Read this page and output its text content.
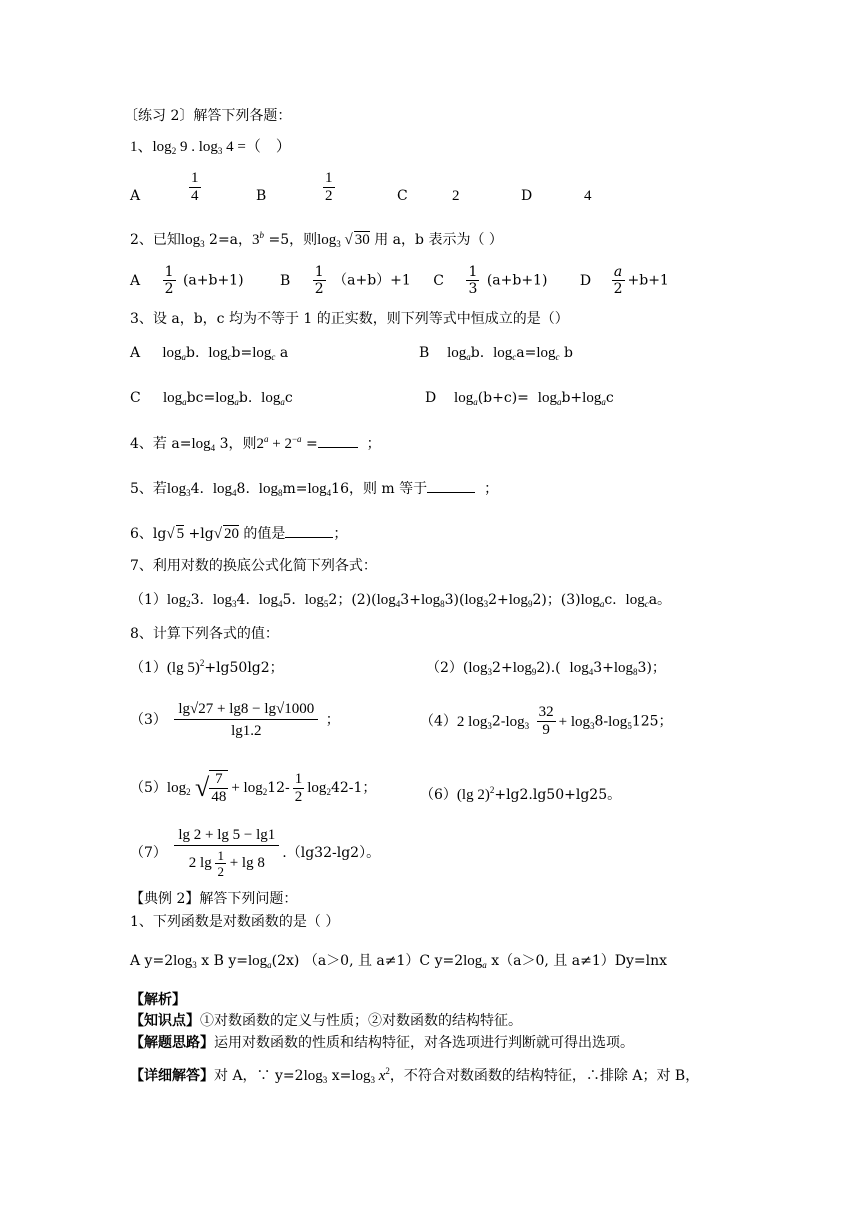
〔练习 2〕解答下列各题：
1、$\log_2 9$ . $\log_3 4$ =（　）
A	$\frac{1}{4}$	B	$\frac{1}{2}$	C	2	D	4
2、已知$\log_3 2=a$，$3^b =5$，则$\log_3$ √ 30 用 a，b 表示为（ ）
A $\frac{1}{2} (a+b+1)$	B $\frac{1}{2} (a+b)+1$ C $\frac{1}{3} (a+b+1)$ D $\frac{a}{2} +b+1$
3、设 a，b，c 均为不等于 1 的正实数，则下列等式中恒成立的是（）
A     $\log_ab$.  $\log_cb=\log_c$ a	B    $\log_ab$.  $\log_ca=\log_c$ b
C     $\log_abc=\log_ab$.  $\log_ac$	D    $\log_a(b+c)= \log_ab+\log_ac$
4、若 $a=\log_4$ 3，则$2^a + 2^{-a}$ =	；
5、若$\log_34$.  $\log_48$.  $\log_8m=\log_416$，则 m 等于	；
6、lg√ 5 +lg√ 20 的值是	；
7、利用对数的换底公式化简下列各式：
$(1)\log_23$.  $\log_34$.  $\log_45$.  $\log_52$；$(2)(\log_43+\log_83)(\log_32+\log_92)$；$(3)\log_ac$.  $\log_ca$。
8、计算下列各式的值：
（1）(lg 5)$^2$+lg50lg2；	$(2)(\log_32+\log_92)$.(  $\log_43+\log_83$)；
$(3) \frac{\lg√27 + \lg 8 - \lg√1000}{\lg 1.2}$ ；	（4）2 $\log_32-\log_3 \frac{32}{9} + \log_38-\log_5125$；
$(5)\log_2$ √ $\frac{7}{48} + \log_212- \frac{1}{2} \log_242-1$；	（6）(lg 2)$^2$+lg2.lg50+lg25。
$(7) \frac{\lg 2 + \lg 5 - \lg 1}{2 \lg \frac{1}{2} + \lg 8} .(\lg 32-\lg 2)$。
【典例 2】解答下列问题：
1、下列函数是对数函数的是（ ）
A $y=2\log_3$ x B $y=\log_a(2x)$ （a＞0, 且 a≠1）C $y=2\log_a$ x（a＞0, 且 a≠1）Dy=lnx
【解析】
【知识点】①对数函数的定义与性质；②对数函数的结构特征。
【解题思路】运用对数函数的性质和结构特征，对各选项进行判断就可得出选项。
【详细解答】对 A，∵ $y=2\log_3$ $x=\log_3$ $x^2$，不符合对数函数的结构特征，∴排除 A；对 B，
